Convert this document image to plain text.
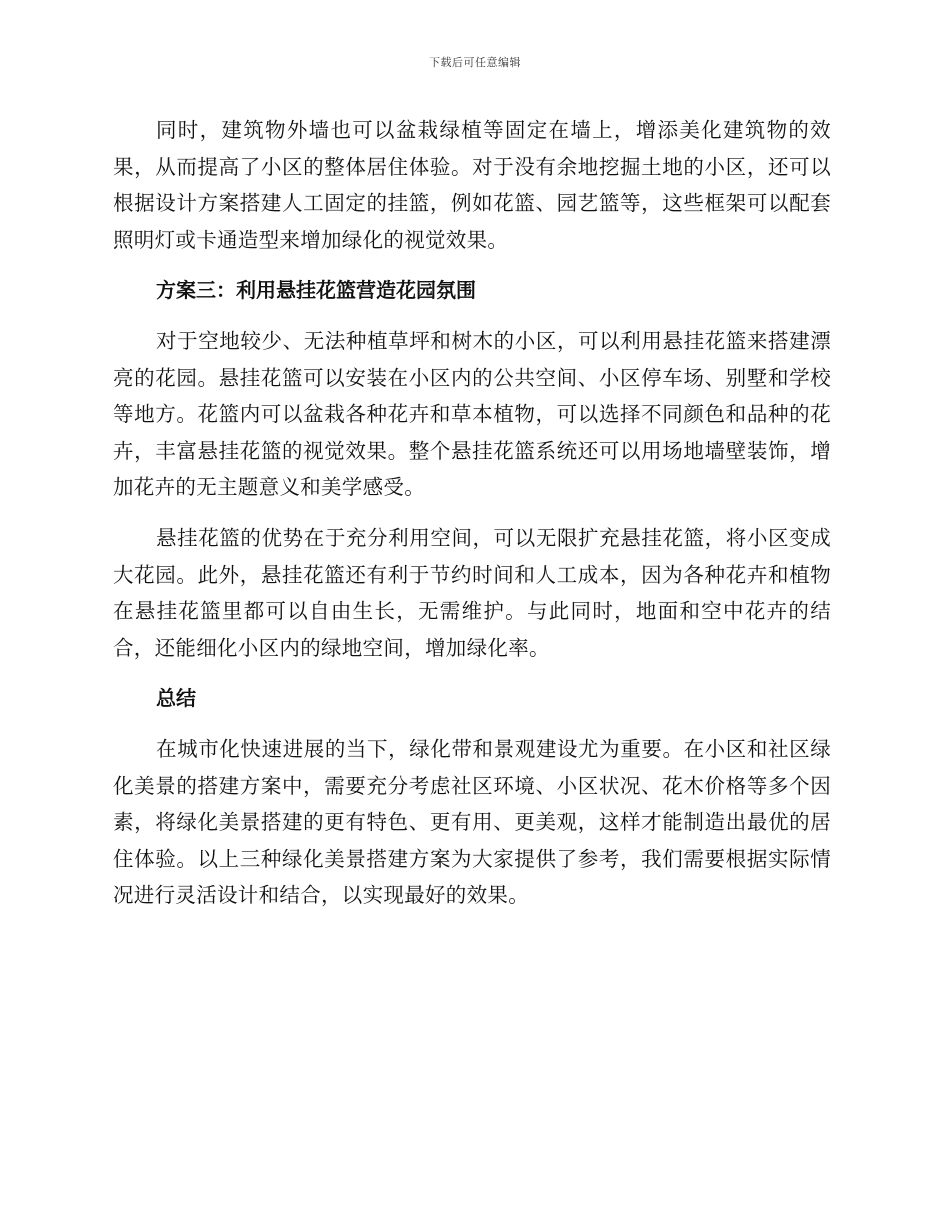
下载后可任意编辑

同时，建筑物外墙也可以盆栽绿植等固定在墙上，增添美化建筑物的效果，从而提高了小区的整体居住体验。对于没有余地挖掘土地的小区，还可以根据设计方案搭建人工固定的挂篮，例如花篮、园艺篮等，这些框架可以配套照明灯或卡通造型来增加绿化的视觉效果。

方案三：利用悬挂花篮营造花园氛围

对于空地较少、无法种植草坪和树木的小区，可以利用悬挂花篮来搭建漂亮的花园。悬挂花篮可以安装在小区内的公共空间、小区停车场、别墅和学校等地方。花篮内可以盆栽各种花卉和草本植物，可以选择不同颜色和品种的花卉，丰富悬挂花篮的视觉效果。整个悬挂花篮系统还可以用场地墙壁装饰，增加花卉的无主题意义和美学感受。

悬挂花篮的优势在于充分利用空间，可以无限扩充悬挂花篮，将小区变成大花园。此外，悬挂花篮还有利于节约时间和人工成本，因为各种花卉和植物在悬挂花篮里都可以自由生长，无需维护。与此同时，地面和空中花卉的结合，还能细化小区内的绿地空间，增加绿化率。

总结

在城市化快速进展的当下，绿化带和景观建设尤为重要。在小区和社区绿化美景的搭建方案中，需要充分考虑社区环境、小区状况、花木价格等多个因素，将绿化美景搭建的更有特色、更有用、更美观，这样才能制造出最优的居住体验。以上三种绿化美景搭建方案为大家提供了参考，我们需要根据实际情况进行灵活设计和结合，以实现最好的效果。
